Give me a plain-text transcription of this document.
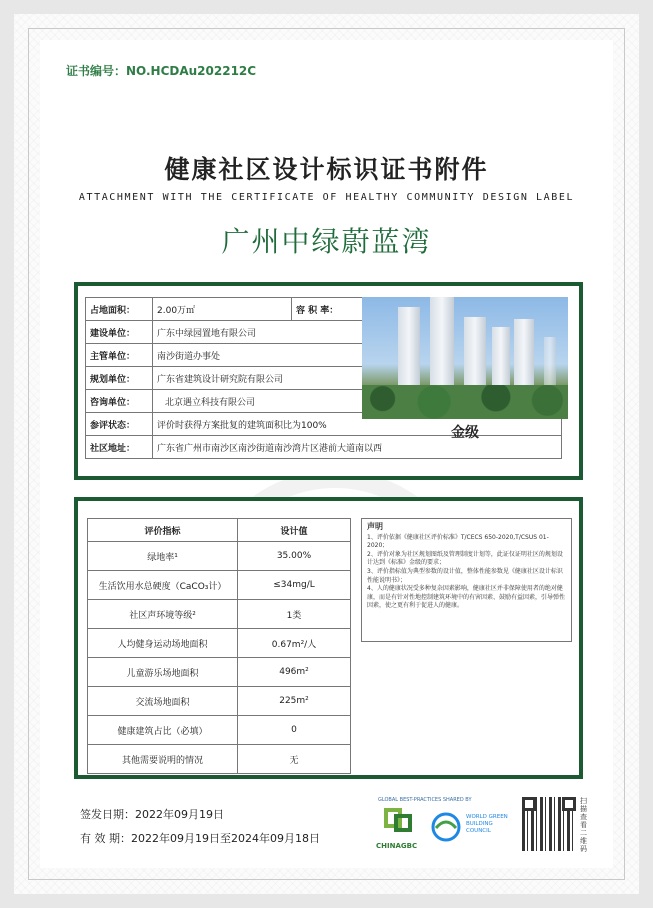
证书编号：NO.HCDAu202212C
健康社区设计标识证书附件
ATTACHMENT WITH THE CERTIFICATE OF HEALTHY COMMUNITY DESIGN LABEL
广州中绿蔚蓝湾
占地面积：	2.00万㎡	容 积 率：	
建设单位：	广东中绿园置地有限公司		
主管单位：	南沙街道办事处		
规划单位：	广东省建筑设计研究院有限公司		
咨询单位：	北京遇立科技有限公司		
参评状态：	评价时获得方案批复的建筑面积比为100%		
社区地址：	广东省广州市南沙区南沙街道南沙湾片区港前大道南以西		
金级
评价指标	设计值
绿地率¹	35.00%
生活饮用水总硬度（CaCO₃计）	≤34mg/L
社区声环境等级²	1类
人均健身运动场地面积	0.67m²/人
儿童游乐场地面积	496m²
交流场地面积	225m²
健康建筑占比（必填）	0
其他需要说明的情况	无
声明
1、评价依据《健康社区评价标准》T/CECS 650-2020,T/CSUS 01-2020；
2、评价对象为社区规划图纸及管理制度计划等，此证仅证明社区的规划设计达到《标准》金级的要求；
3、评价指标值为典型参数的设计值，整体性能参数见《健康社区设计标识性能说明书》；
4、人的健康状况受多种复杂因素影响，健康社区并非保障使用者的绝对健康，而是有针对性地控制建筑环境中的有害因素、鼓励有益因素，引导弹性因素，使之更有利于促进人的健康。
签发日期：2022年09月19日
有 效 期：2022年09月19日至2024年09月18日
GLOBAL BEST-PRACTICES SHARED BY
CHINAGBC
WORLD GREEN BUILDING COUNCIL
扫描查看二维码
